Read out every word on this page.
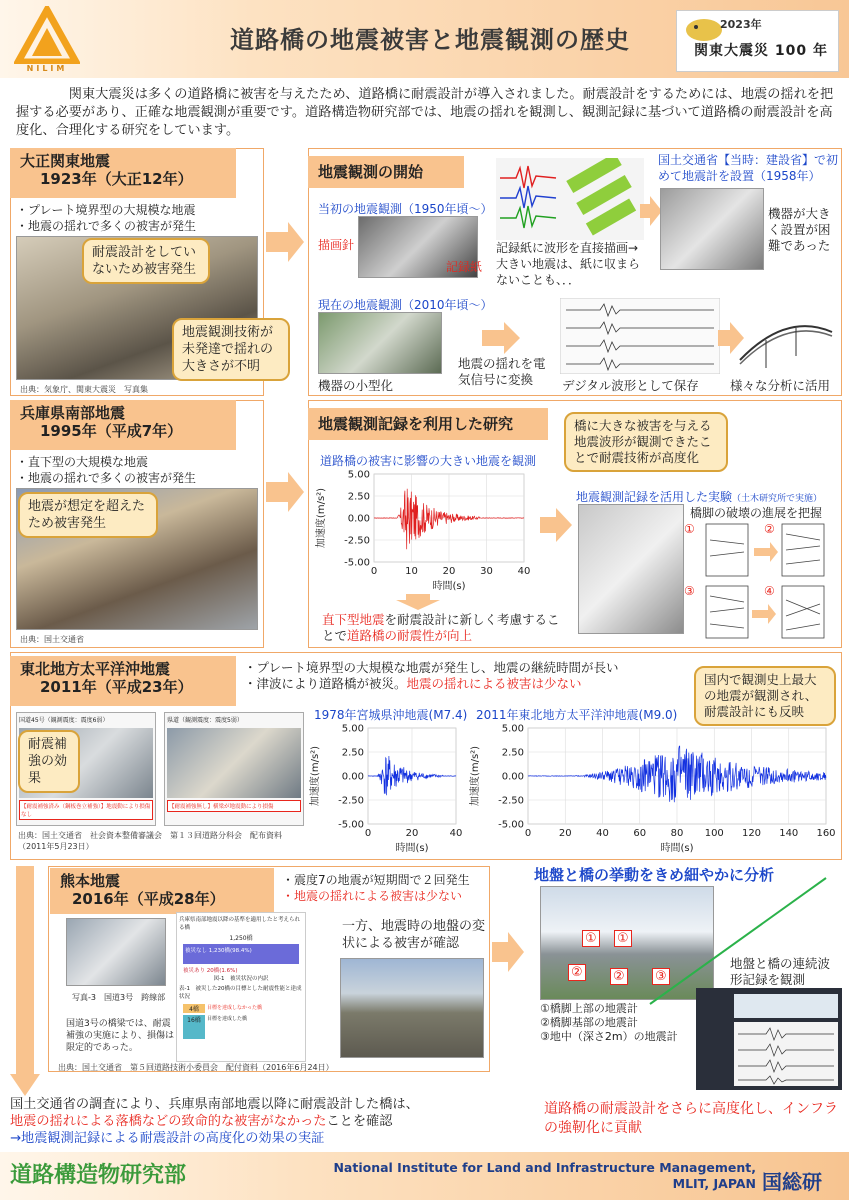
NILIM
道路橋の地震被害と地震観測の歴史
2023年
関東大震災 100 年
関東大震災は多くの道路橋に被害を与えたため、道路橋に耐震設計が導入されました。耐震設計をするためには、地震の揺れを把握する必要があり、正確な地震観測が重要です。道路構造物研究部では、地震の揺れを観測し、観測記録に基づいて道路橋の耐震設計を高度化、合理化する研究をしています。
大正関東地震
1923年（大正12年）
・プレート境界型の大規模な地震
・地震の揺れで多くの被害が発生
耐震設計をしていないため被害発生
地震観測技術が未発達で揺れの大きさが不明
出典：気象庁、関東大震災　写真集
地震観測の開始
当初の地震観測（1950年頃～）
描画針
記録紙
記録紙に波形を直接描画→大きい地震は、紙に収まらないことも、．．
国土交通省【当時：建設省】で初めて地震計を設置（1958年）
機器が大きく設置が困難であった
現在の地震観測（2010年頃～）
機器の小型化
地震の揺れを電気信号に変換	デジタル波形として保存 様々な分析に活用
兵庫県南部地震
1995年（平成7年）
・直下型の大規模な地震
・地震の揺れで多くの被害が発生
地震が想定を超えたため被害発生
出典：国土交通省
地震観測記録を利用した研究	橋に大きな被害を与える地震波形が観測できたことで耐震技術が高度化
道路橋の被害に影響の大きい地震を観測
5.00
2.50
0.00
-2.50
-5.00
0	10 20 30 40
時間(s)
加速度(m/s²)	地震観測記録を活用した実験（土木研究所で実施）
橋脚の破壊の進展を把握
①	②
③	④
直下型地震を耐震設計に新しく考慮することで道路橋の耐震性が向上
東北地方太平洋沖地震
2011年（平成23年）
・プレート境界型の大規模な地震が発生し、地震の継続時間が長い
・津波により道路橋が被災。地震の揺れによる被害は少ない
国道45号（観測震度：震度6弱）
【耐震補強済み（鋼板巻立補強）】地震動により損傷なし
県道（観測震度：震度5弱）
【耐震補強無し】横梁が地震動により損傷
耐震補強の効果
出典：国土交通省　社会資本整備審議会　第１３回道路分科会　配布資料（2011年5月23日）
1978年宮城県沖地震(M7.4)
5.00
2.50
0.00
-2.50
-5.00
0	20	40
時間(s)
加速度(m/s²)
2011年東北地方太平洋沖地震(M9.0)
5.00
2.50
0.00
-2.50
-5.00
0	20 40 60 80 100 120 140 160
時間(s)
加速度(m/s²)
国内で観測史上最大の地震が観測され、耐震設計にも反映
熊本地震
2016年（平成28年）
・震度7の地震が短期間で２回発生
・地震の揺れによる被害は少ない
写真-3　国道3号　跨線部
国道3号の橋梁では、耐震補強の実施により、損傷は限定的であった。
兵庫県南部地震以降の基準を適用したと考えられる橋
1,250橋
被災なし 1,230橋(98.4%)
被災あり 20橋(1.6%)
図-1　被災状況の内訳
表-1　被災した20橋の目標とした耐震性能と達成状況
4橋	目標を達成しなかった橋
16橋	目標を達成した橋
一方、地震時の地盤の変状による被害が確認
出典：国土交通省　第５回道路技術小委員会　配付資料（2016年6月24日）
地盤と橋の挙動をきめ細やかに分析
① ①
② ② ③
①橋脚上部の地震計
②橋脚基部の地震計
③地中（深さ2m）の地震計
地盤と橋の連続波形記録を観測
道路橋の耐震設計をさらに高度化し、インフラの強靭化に貢献
国土交通省の調査により、兵庫県南部地震以降に耐震設計した橋は、
地震の揺れによる落橋などの致命的な被害がなかったことを確認
→地震観測記録による耐震設計の高度化の効果の実証
道路構造物研究部	National Institute for Land and Infrastructure Management,
MLIT, JAPAN 国総研
